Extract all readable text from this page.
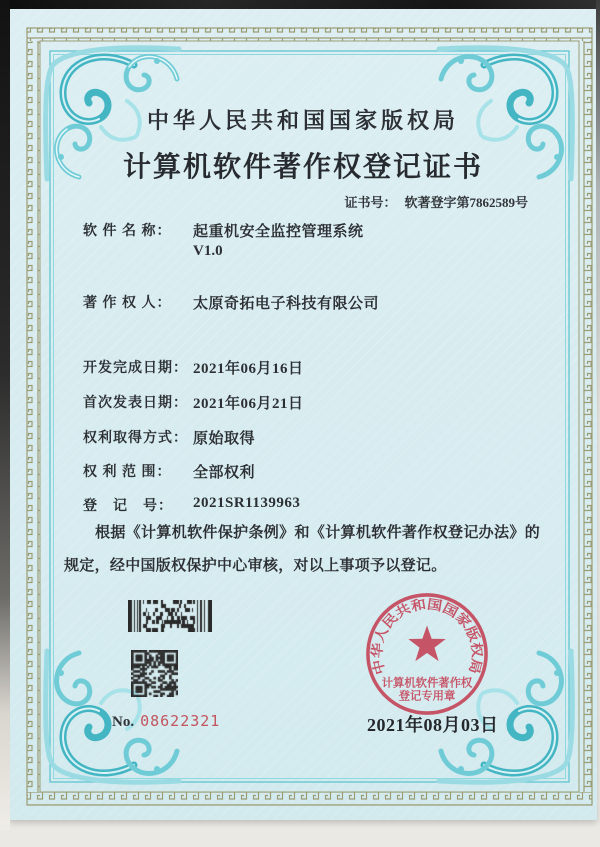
中华人民共和国国家版权局
计算机软件著作权登记证书
证书号： 软著登字第7862589号
软 件 名 称：	起重机安全监控管理系统
V1.0
著 作 权 人：	太原奇拓电子科技有限公司
开发完成日期： 2021年06月16日
首次发表日期： 2021年06月21日
权利取得方式： 原始取得
权 利 范 围：	全部权利
登　记　号：	2021SR1139963
根据《计算机软件保护条例》和《计算机软件著作权登记办法》的规定，经中国版权保护中心审核，对以上事项予以登记。
No. 08622321
中华人民共和国国家版权局
计算机软件著作权
登记专用章
2021年08月03日
